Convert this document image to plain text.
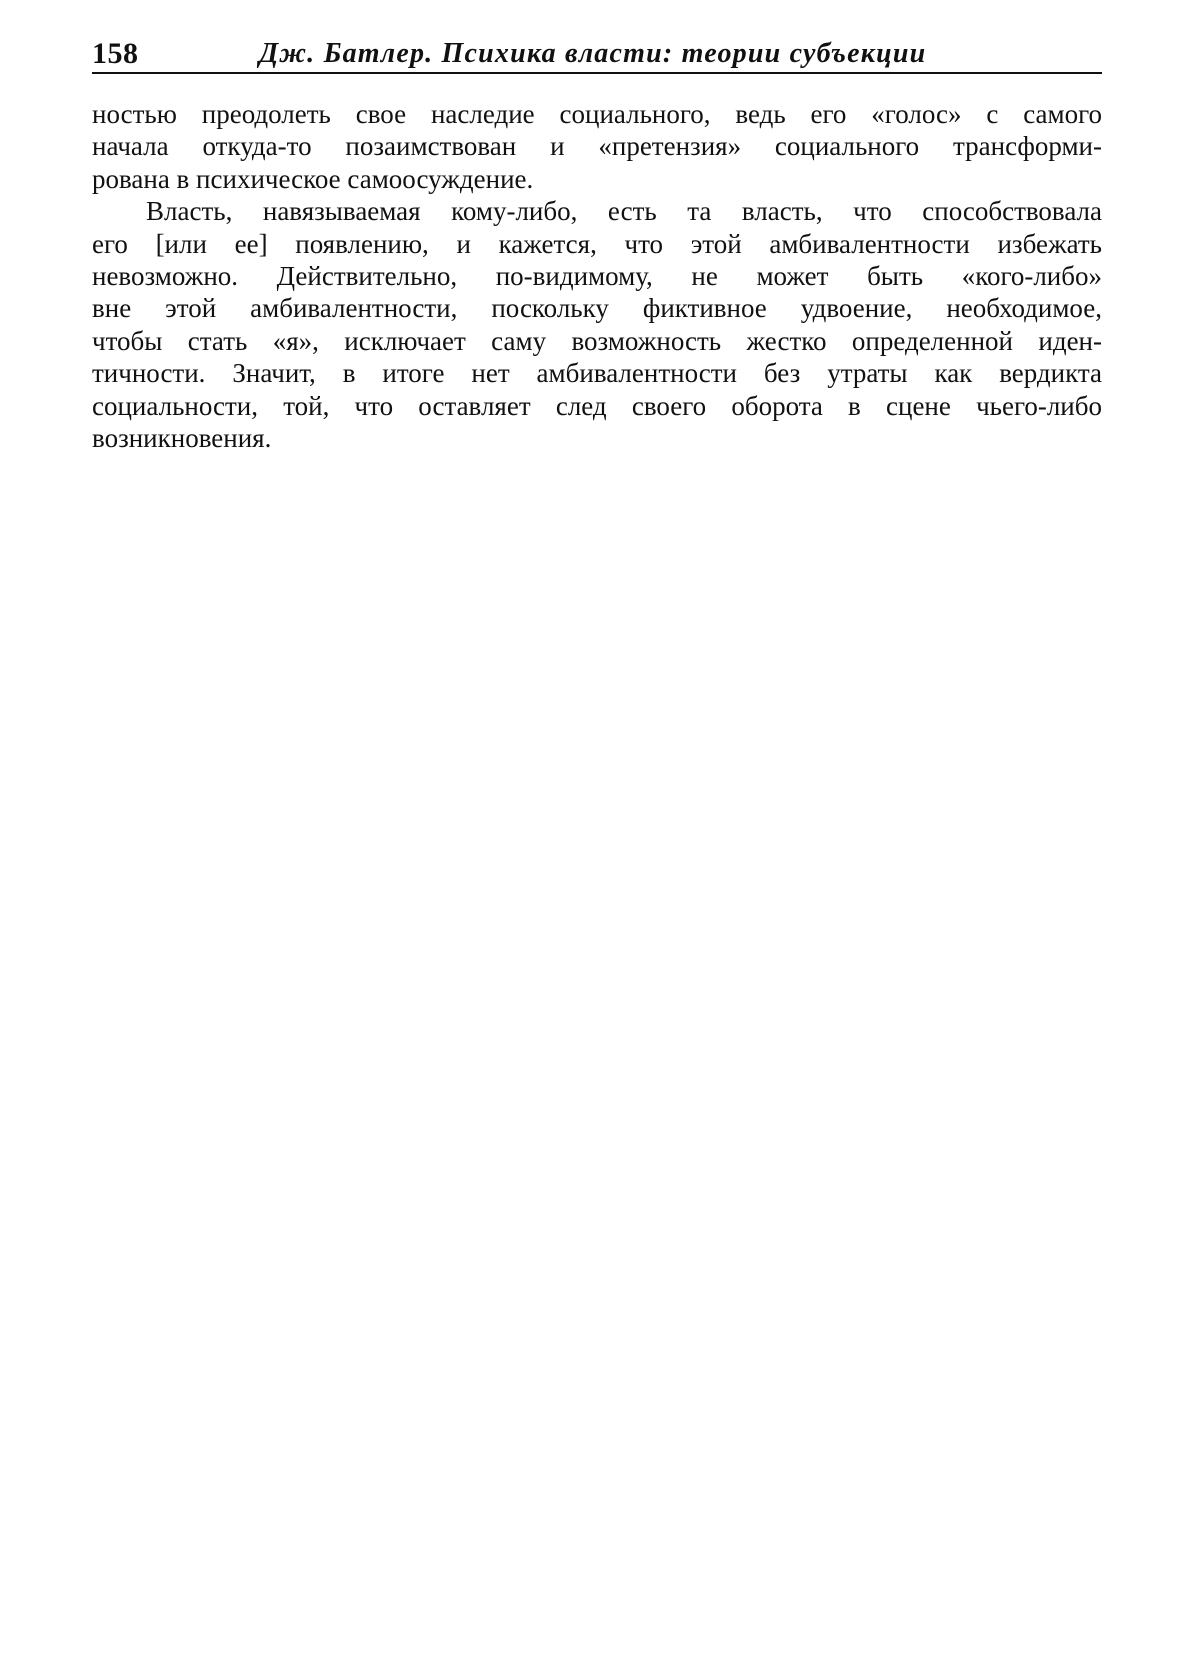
158	Дж. Батлер. Психика власти: теории субъекции
ностью преодолеть свое наследие социального, ведь его «голос» с самого
начала откуда-то позаимствован и «претензия» социального трансформи-
рована в психическое самоосуждение.
Власть, навязываемая кому-либо, есть та власть, что способствовала
его [или ее] появлению, и кажется, что этой амбивалентности избежать
невозможно. Действительно, по-видимому, не может быть «кого-либо»
вне этой амбивалентности, поскольку фиктивное удвоение, необходимое,
чтобы стать «я», исключает саму возможность жестко определенной иден-
тичности. Значит, в итоге нет амбивалентности без утраты как вердикта
социальности, той, что оставляет след своего оборота в сцене чьего-либо
возникновения.
